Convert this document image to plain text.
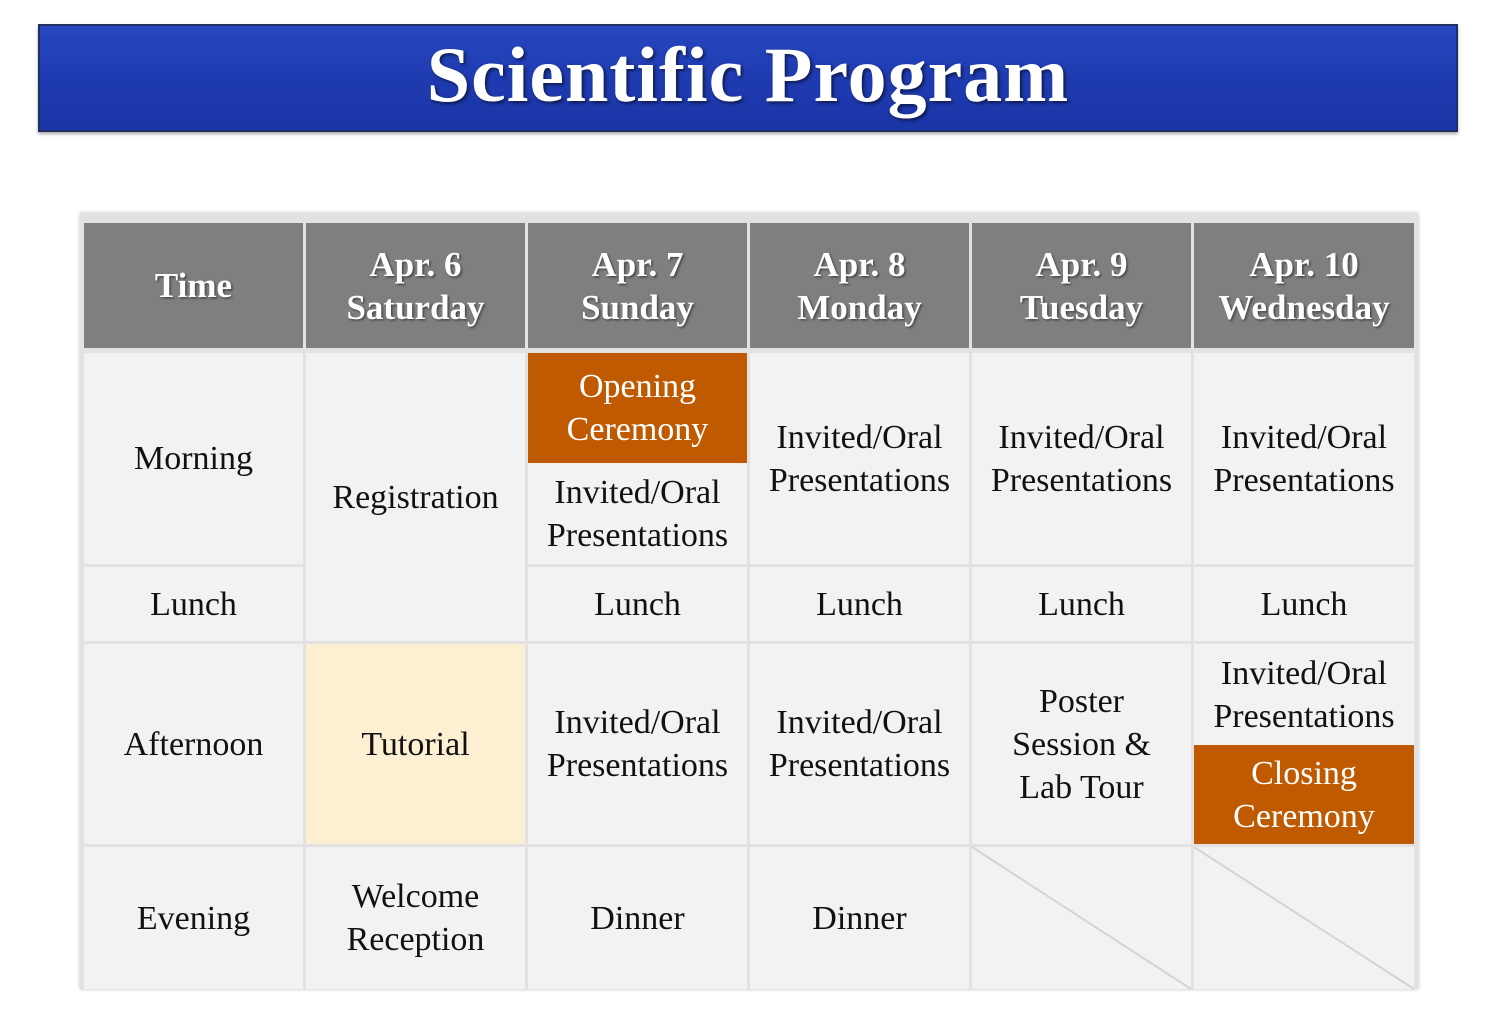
Scientific Program
Time
Apr. 6
Saturday
Apr. 7
Sunday
Apr. 8
Monday
Apr. 9
Tuesday
Apr. 10
Wednesday
Morning
Lunch
Afternoon
Evening
Registration
Tutorial
Welcome
Reception
Opening
Ceremony
Invited/Oral
Presentations
Lunch
Invited/Oral
Presentations
Dinner
Invited/Oral
Presentations
Lunch
Invited/Oral
Presentations
Dinner
Invited/Oral
Presentations
Lunch
Poster
Session &
Lab Tour
Invited/Oral
Presentations
Lunch
Invited/Oral
Presentations
Closing
Ceremony
